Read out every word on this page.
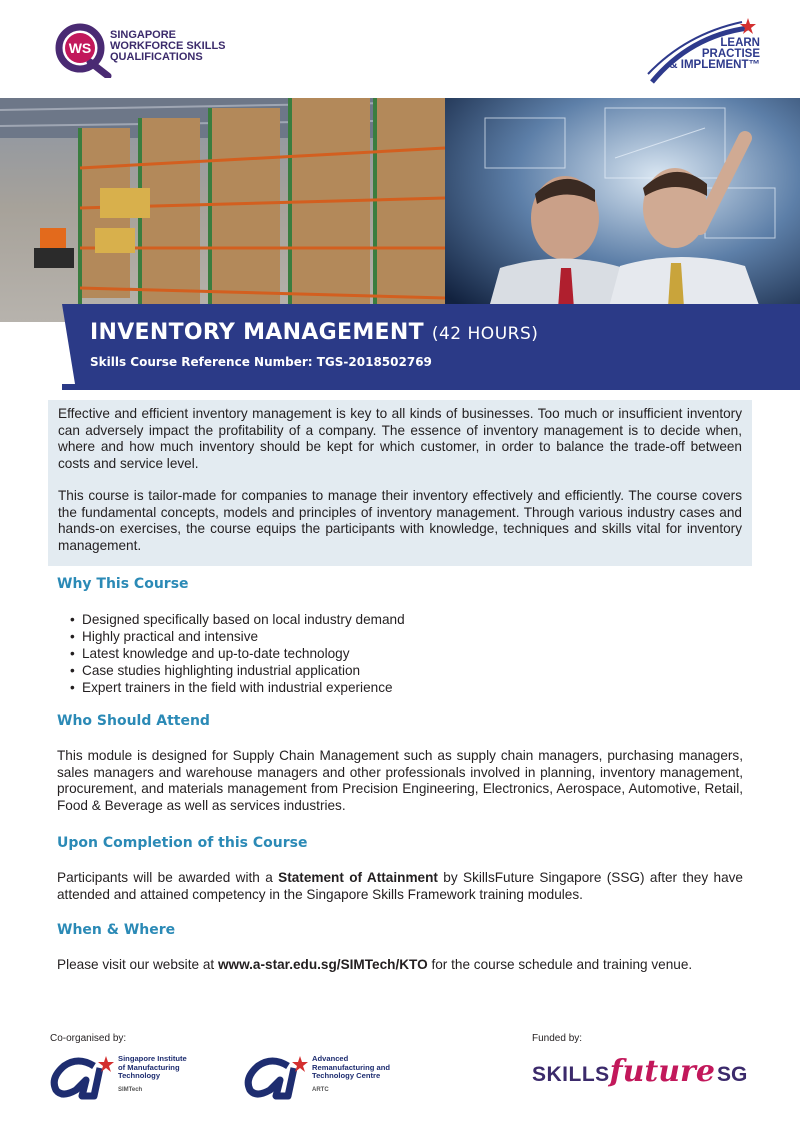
WS
SINGAPORE
WORKFORCE SKILLS
QUALIFICATIONS
LEARN
PRACTISE
& IMPLEMENT™
INVENTORY MANAGEMENT (42 HOURS)
Skills Course Reference Number: TGS-2018502769
Effective and efficient inventory management is key to all kinds of businesses. Too much or insufficient inventory can adversely impact the profitability of a company. The essence of inventory management is to decide when, where and how much inventory should be kept for which customer, in order to balance the trade-off between costs and service level.
This course is tailor-made for companies to manage their inventory effectively and efficiently. The course covers the fundamental concepts, models and principles of inventory management. Through various industry cases and hands-on exercises, the course equips the participants with knowledge, techniques and skills vital for inventory management.
Why This Course
• Designed specifically based on local industry demand
• Highly practical and intensive
• Latest knowledge and up-to-date technology
• Case studies highlighting industrial application
• Expert trainers in the field with industrial experience
Who Should Attend
This module is designed for Supply Chain Management such as supply chain managers, purchasing managers, sales managers and warehouse managers and other professionals involved in planning, inventory management, procurement, and materials management from Precision Engineering, Electronics, Aerospace, Automotive, Retail, Food & Beverage as well as services industries.
Upon Completion of this Course
Participants will be awarded with a Statement of Attainment by SkillsFuture Singapore (SSG) after they have attended and attained competency in the Singapore Skills Framework training modules.
When & Where
Please visit our website at www.a-star.edu.sg/SIMTech/KTO for the course schedule and training venue.
Co-organised by:	Funded by:
Singapore Institute
of Manufacturing
Technology
SIMTech
Advanced
Remanufacturing and
Technology Centre
ARTC
SKILLSfutureSG
